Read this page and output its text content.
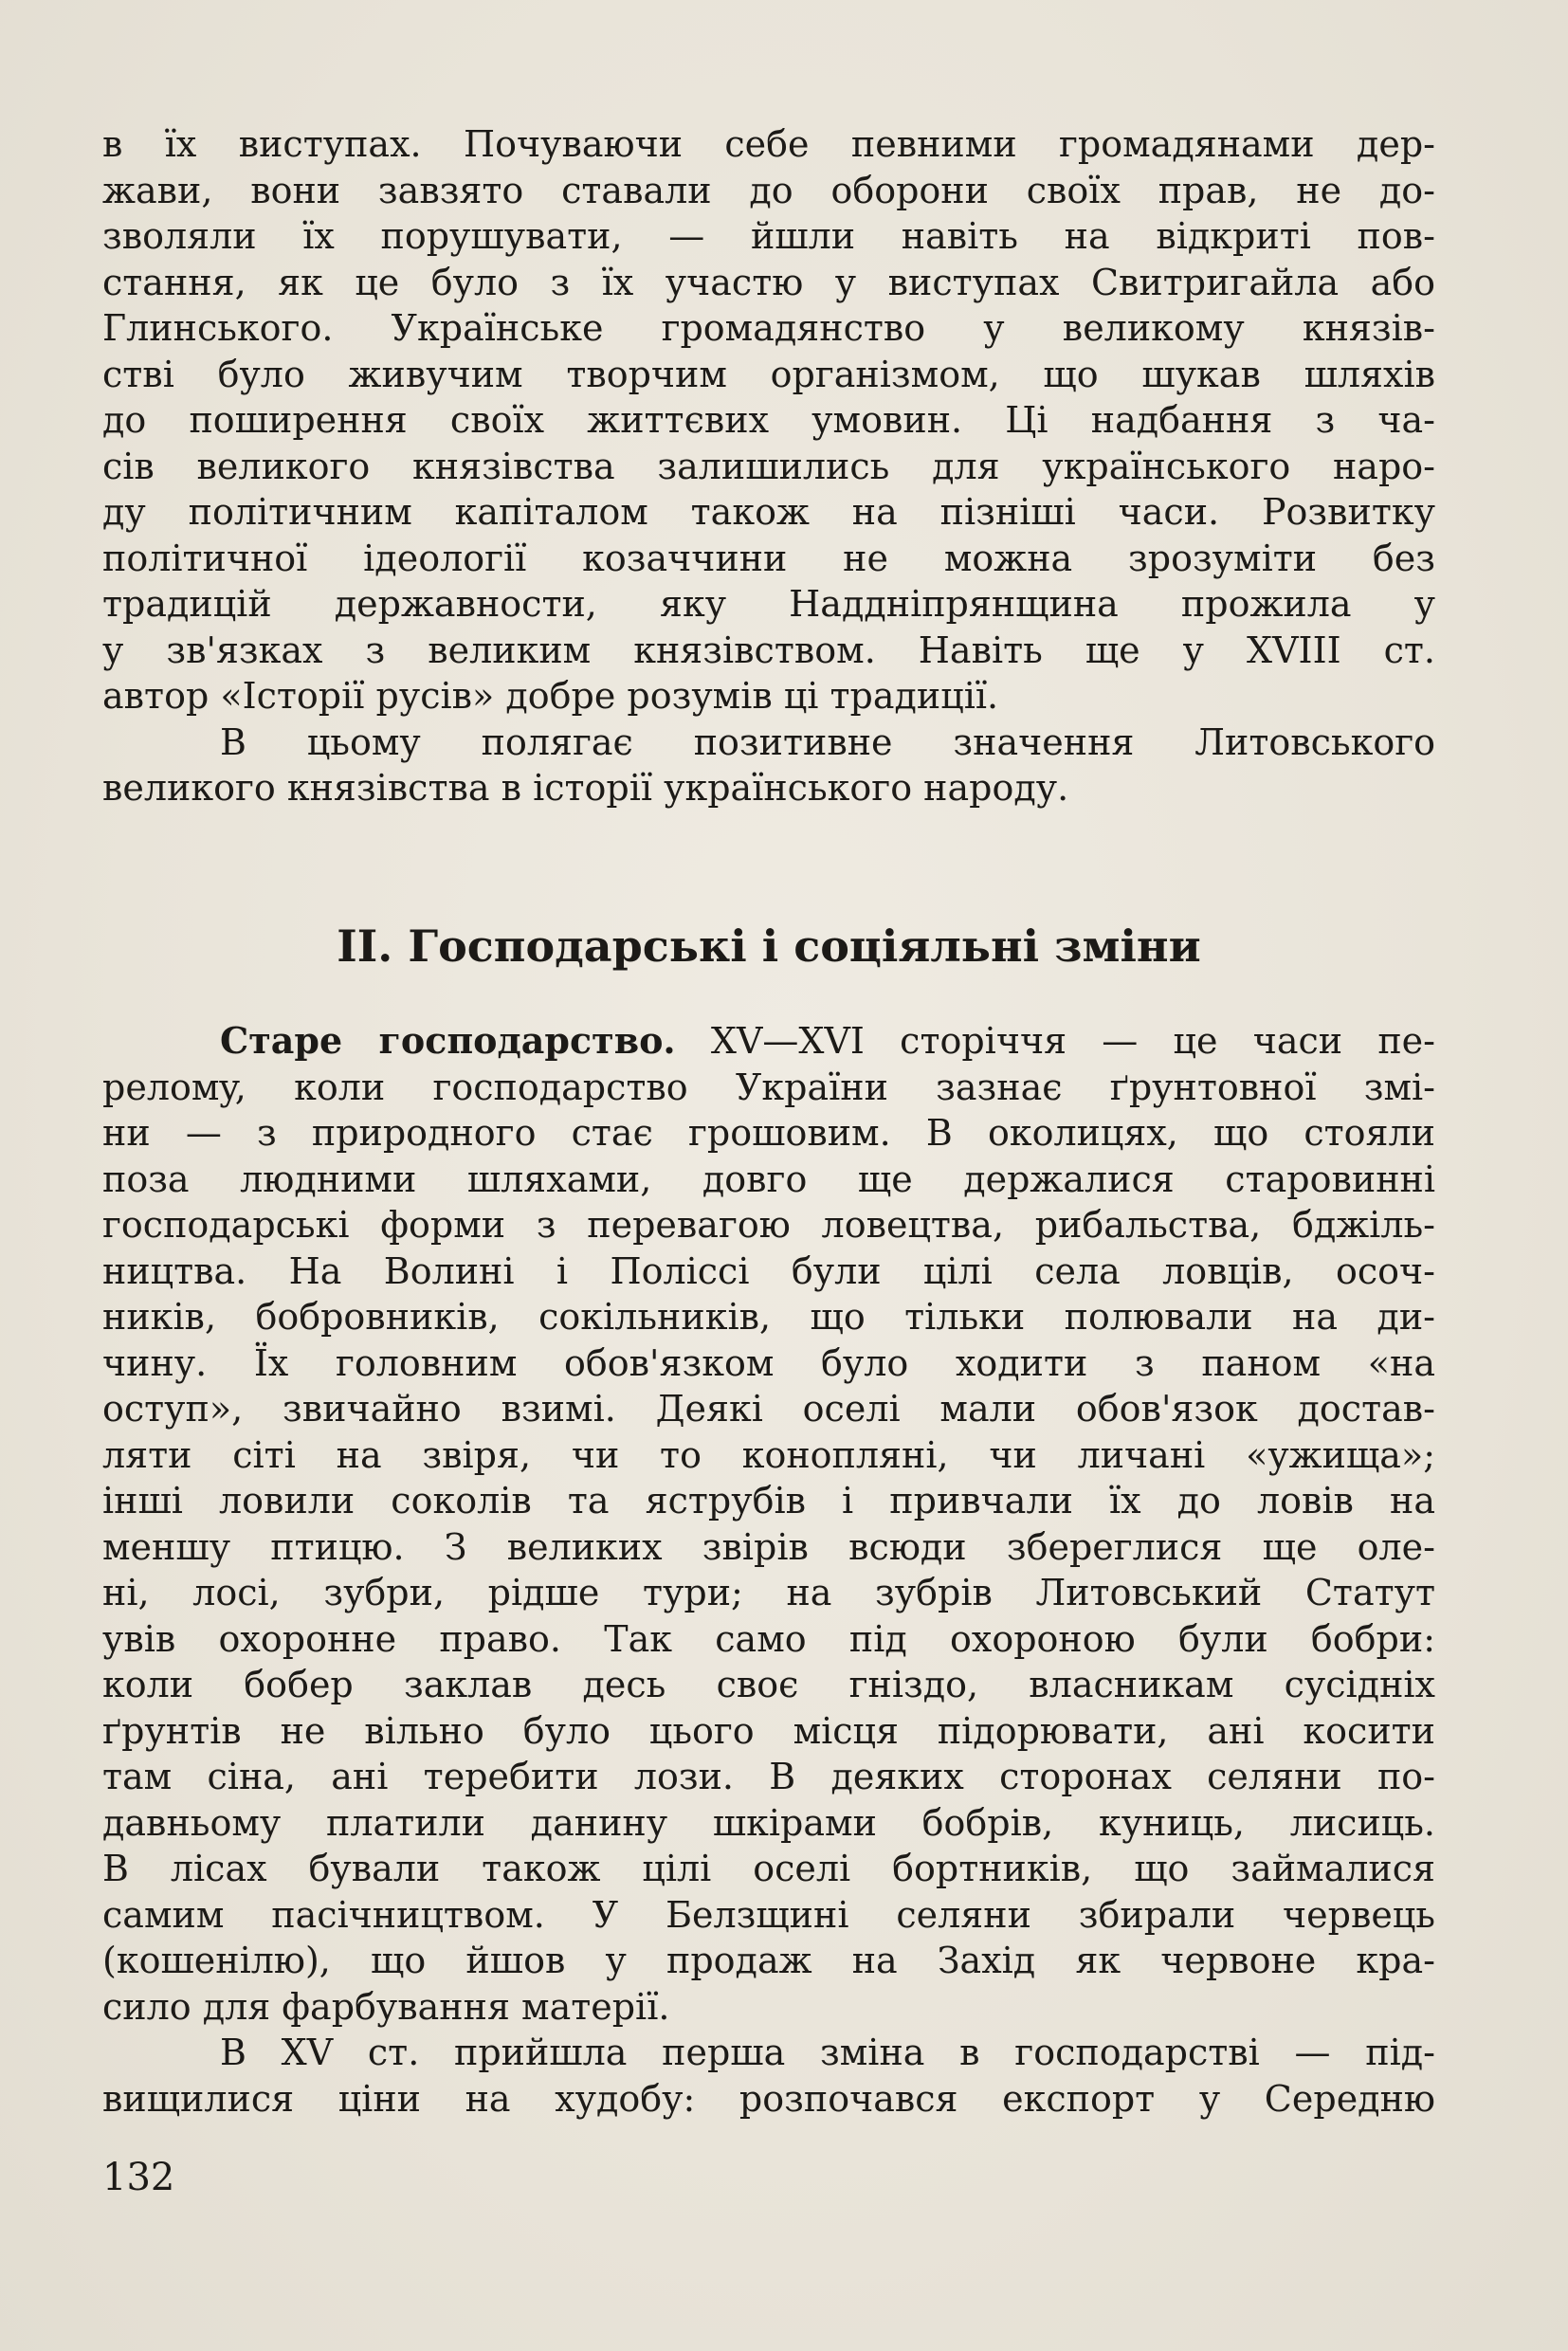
в їх виступах. Почуваючи себе певними громадянами дер-
жави, вони завзято ставали до оборони своїх прав, не до-
зволяли їх порушувати, — йшли навіть на відкриті пов-
стання, як це було з їх участю у виступах Свитригайла або
Глинського. Українське громадянство у великому князів-
стві було живучим творчим організмом, що шукав шляхів
до поширення своїх життєвих умовин. Ці надбання з ча-
сів великого князівства залишились для українського наро-
ду політичним капіталом також на пізніші часи. Розвитку
політичної ідеології козаччини не можна зрозуміти без
традицій державности, яку Наддніпрянщина прожила у
у зв'язках з великим князівством. Навіть ще у XVIII ст.
автор «Історії русів» добре розумів ці традиції.
В цьому полягає позитивне значення Литовського
великого князівства в історії українського народу.
II. Господарські і соціяльні зміни
Старе господарство. XV—XVI сторіччя — це часи пе-
реломy, коли господарство України зазнає ґрунтовної змі-
ни — з природного стає грошовим. В околицях, що стояли
поза людними шляхами, довго ще держалися старовинні
господарські форми з перевагою ловецтва, рибальства, бджіль-
ництва. На Волині і Поліссі були цілі села ловців, осоч-
ників, бобровників, сокільників, що тільки полювали на ди-
чину. Їх головним обов'язком було ходити з паном «на
оступ», звичайно взимі. Деякі оселі мали обов'язок достав-
ляти сіті на звіря, чи то конопляні, чи личані «ужища»;
інші ловили соколів та яструбів і привчали їх до ловів на
меншу птицю. З великих звірів всюди збереглися ще оле-
ні, лосі, зубри, рідше тури; на зубрів Литовський Статут
увів охоронне право. Так само під охороною були бобри:
коли бобер заклав десь своє гніздо, власникам сусідніх
ґрунтів не вільно було цього місця підорювати, ані косити
там сіна, ані теребити лози. В деяких сторонах селяни по-
давньому платили данину шкірами бобрів, куниць, лисиць.
В лісах бували також цілі оселі бортників, що займалися
самим пасічництвом. У Белзщині селяни збирали червець
(кошенілю), що йшов у продаж на Захід як червоне кра-
сило для фарбування матерії.
В XV ст. прийшла перша зміна в господарстві — під-
вищилися ціни на худобу: розпочався експорт у Середню
132
